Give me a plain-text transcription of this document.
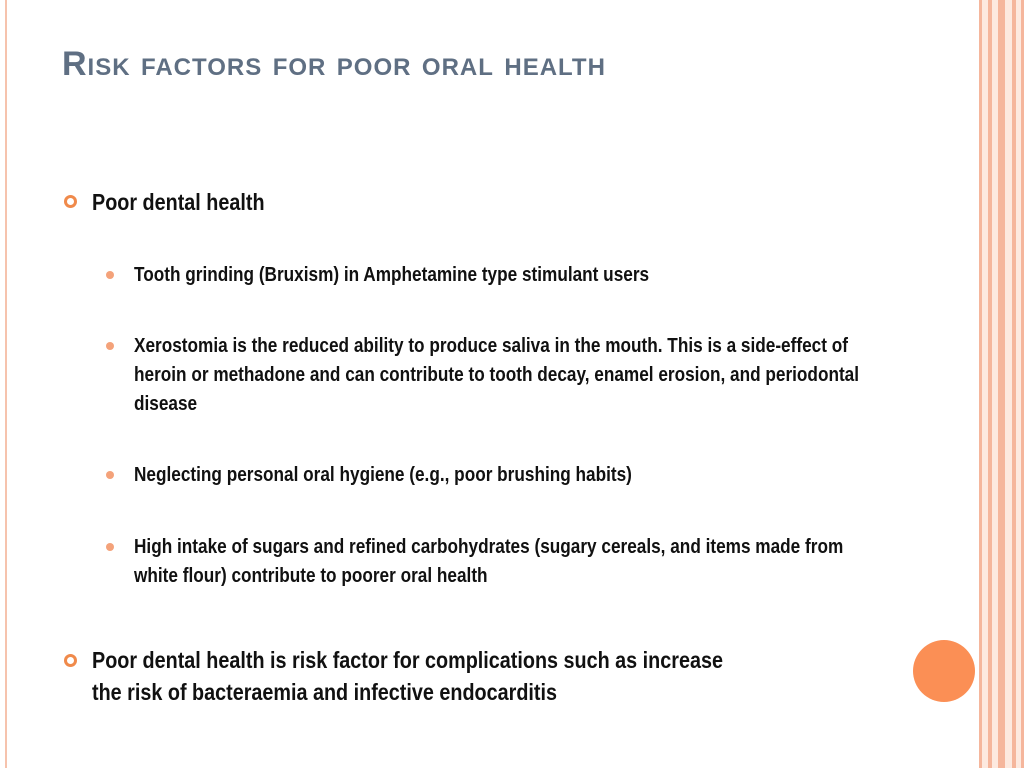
Risk factors for poor oral health
Poor dental health
Tooth grinding (Bruxism) in Amphetamine type stimulant users
Xerostomia is the reduced ability to produce saliva in the mouth. This is a side-effect of heroin or methadone and can contribute to tooth decay, enamel erosion, and periodontal disease
Neglecting personal oral hygiene (e.g., poor brushing habits)
High intake of sugars and refined carbohydrates (sugary cereals, and items made from white flour) contribute to poorer oral health
Poor dental health is risk factor for complications such as increase the risk of bacteraemia and infective endocarditis
